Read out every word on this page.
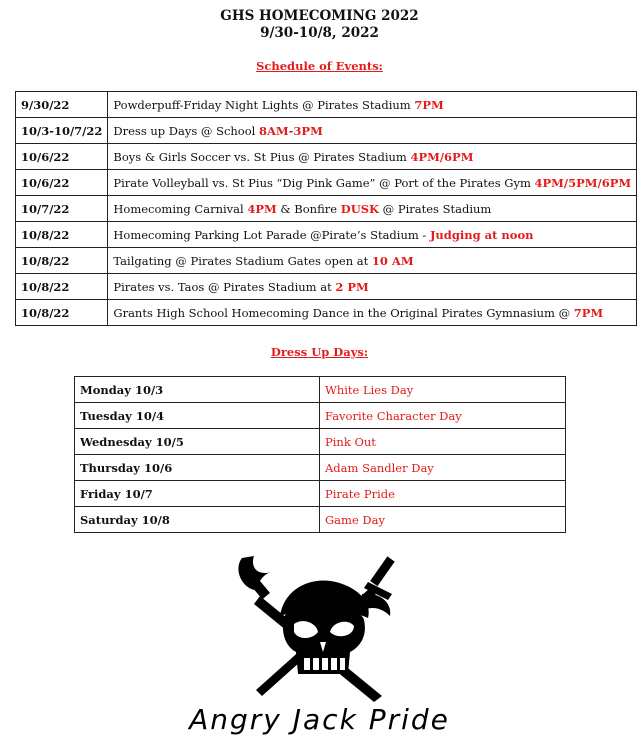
GHS HOMECOMING 2022
9/30-10/8, 2022
Schedule of Events:
9/30/22	Powderpuff-Friday Night Lights @ Pirates Stadium 7PM
10/3-10/7/22	Dress up Days @ School 8AM-3PM
10/6/22	Boys & Girls Soccer vs. St Pius @ Pirates Stadium 4PM/6PM
10/6/22	Pirate Volleyball vs. St Pius “Dig Pink Game” @ Port of the Pirates Gym 4PM/5PM/6PM
10/7/22	Homecoming Carnival 4PM & Bonfire DUSK @ Pirates Stadium
10/8/22	Homecoming Parking Lot Parade @Pirate’s Stadium - Judging at noon
10/8/22	Tailgating @ Pirates Stadium Gates open at 10 AM
10/8/22	Pirates vs. Taos @ Pirates Stadium at 2 PM
10/8/22	Grants High School Homecoming Dance in the Original Pirates Gymnasium @ 7PM
Dress Up Days:
Monday 10/3	White Lies Day
Tuesday 10/4	Favorite Character Day
Wednesday 10/5	Pink Out
Thursday 10/6	Adam Sandler Day
Friday 10/7	Pirate Pride
Saturday 10/8	Game Day
Angry Jack Pride
